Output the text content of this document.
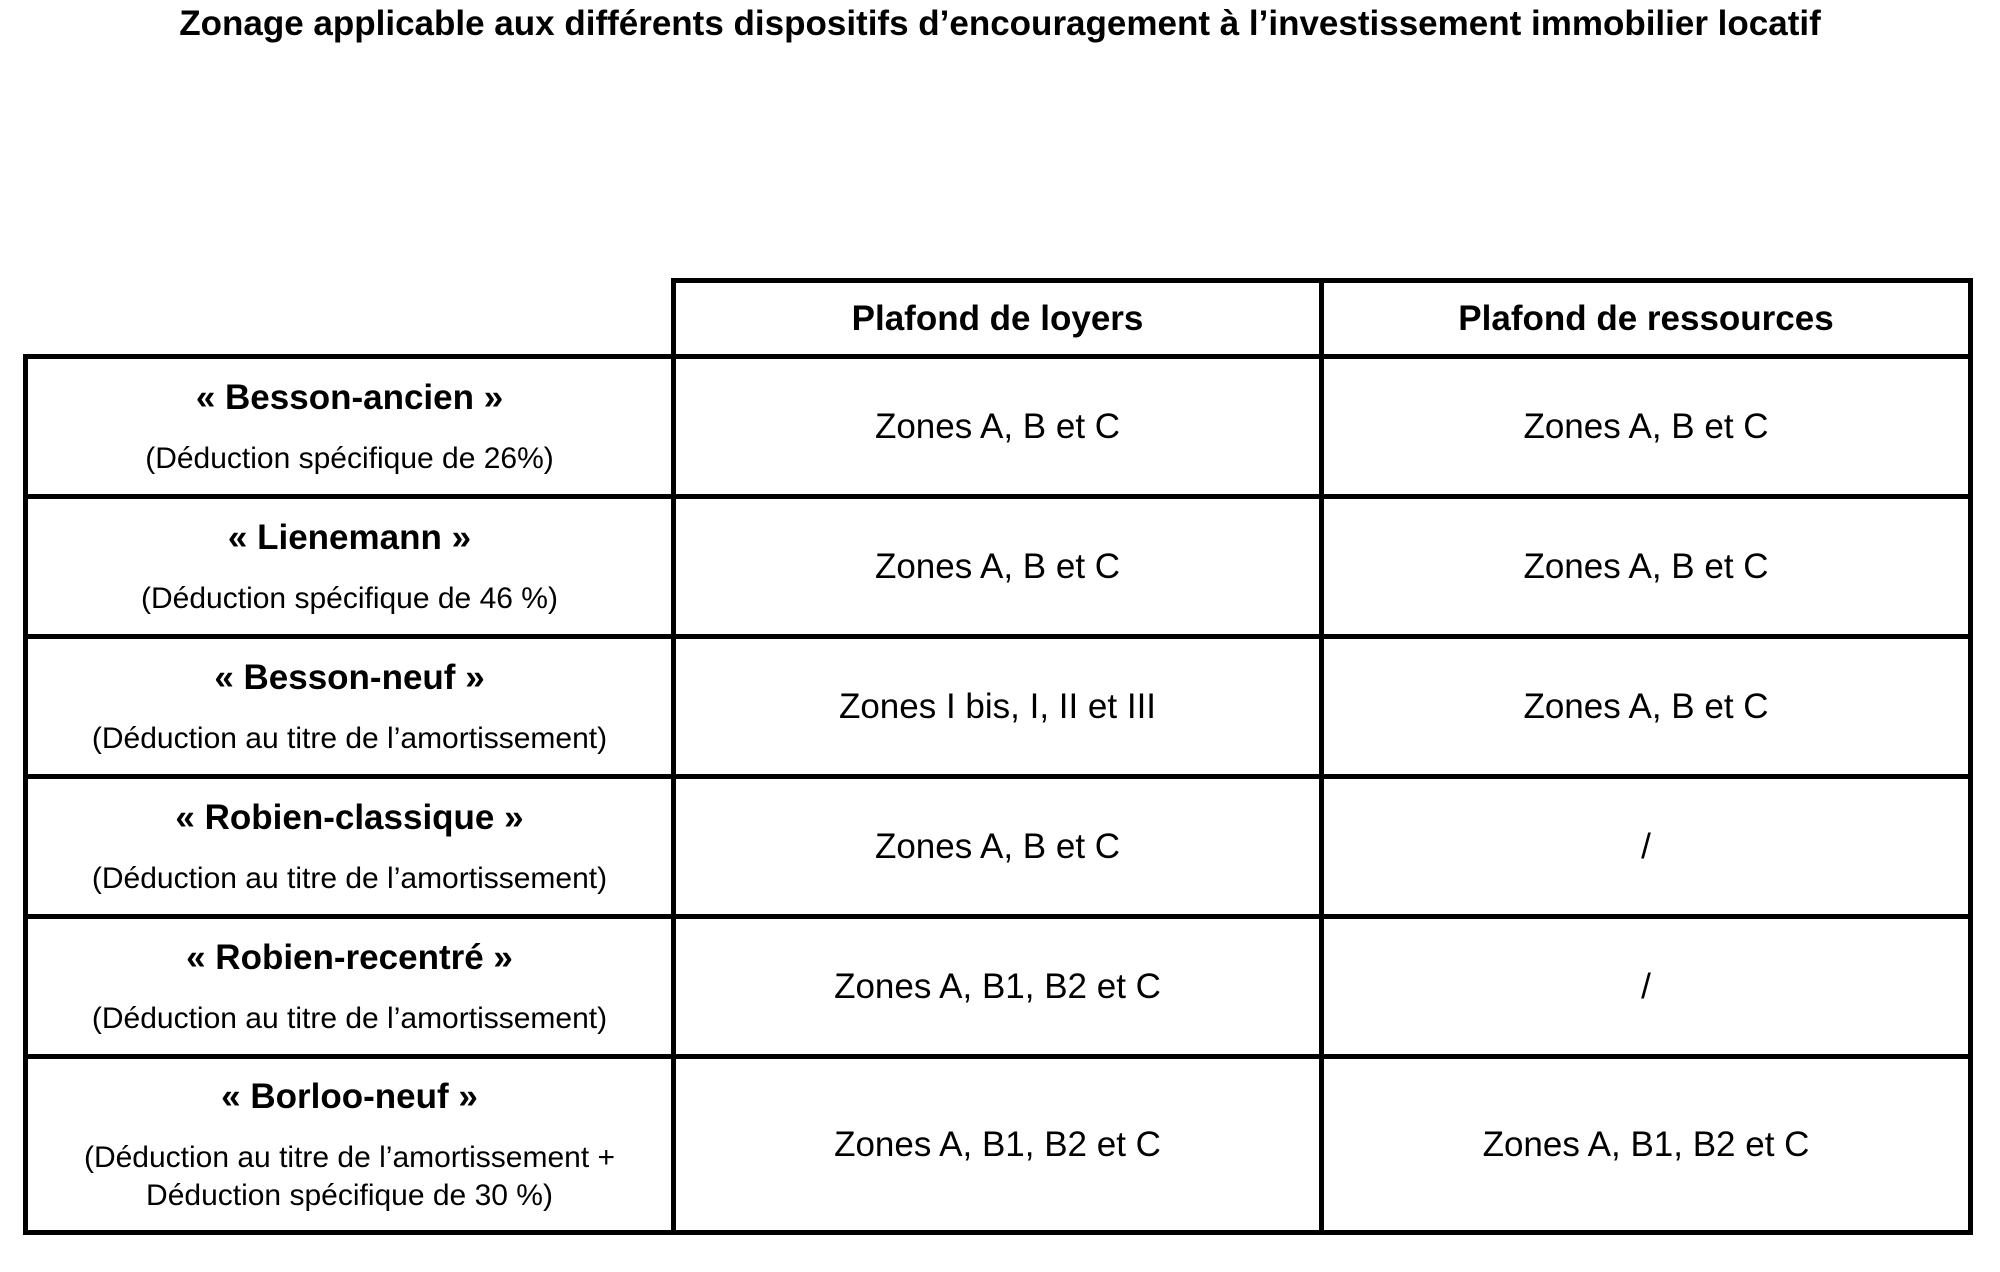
Zonage applicable aux différents dispositifs d’encouragement à l’investissement immobilier locatif
	Plafond de loyers	Plafond de ressources

« Besson-ancien »
(Déduction spécifique de 26%)	Zones A, B et C	Zones A, B et C

« Lienemann »
(Déduction spécifique de 46 %)	Zones A, B et C	Zones A, B et C

« Besson-neuf »
(Déduction au titre de l’amortissement)	Zones I bis, I, II et III	Zones A, B et C

« Robien-classique »
(Déduction au titre de l’amortissement)	Zones A, B et C	/

« Robien-recentré »
(Déduction au titre de l’amortissement)	Zones A, B1, B2 et C	/

« Borloo-neuf »
(Déduction au titre de l’amortissement +
Déduction spécifique de 30 %)	Zones A, B1, B2 et C	Zones A, B1, B2 et C
